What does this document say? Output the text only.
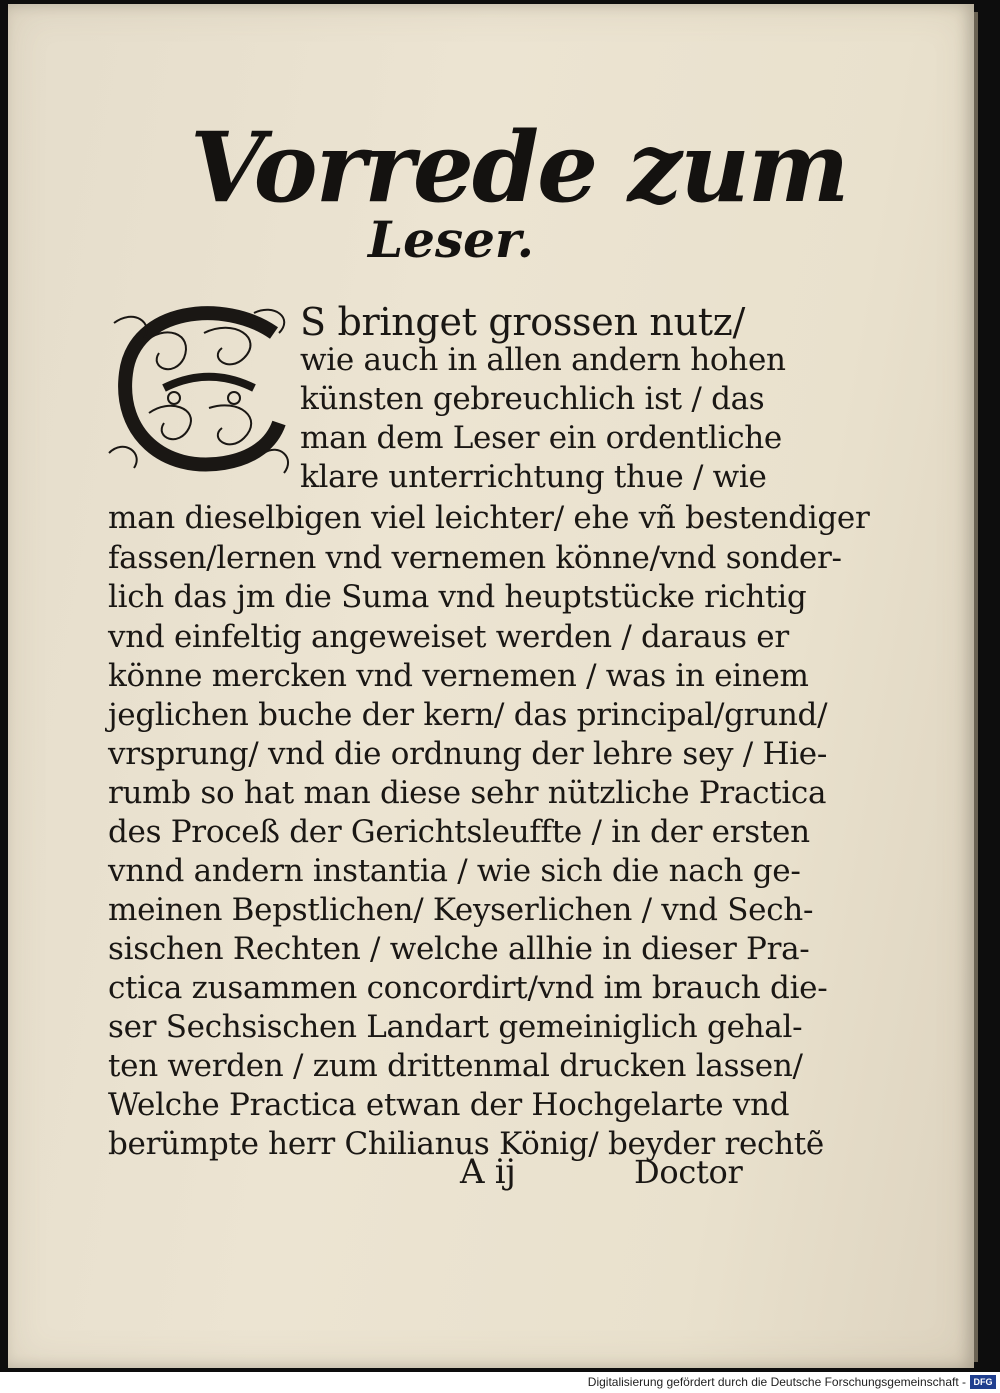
Vorrede zum
Leser.
S bringet grossen nutz/
wie auch in allen andern hohen
künsten gebreuchlich ist / das
man dem Leser ein ordentliche
klare unterrichtung thue / wie
man dieselbigen viel leichter/ ehe vñ bestendiger
fassen/lernen vnd vernemen könne/vnd sonder-
lich das jm die Suma vnd heuptstücke richtig
vnd einfeltig angeweiset werden / daraus er
könne mercken vnd vernemen / was in einem
jeglichen buche der kern/ das principal/grund/
vrsprung/ vnd die ordnung der lehre sey / Hie-
rumb so hat man diese sehr nützliche Practica
des Proceß der Gerichtsleuffte / in der ersten
vnnd andern instantia / wie sich die nach ge-
meinen Bepstlichen/ Keyserlichen / vnd Sech-
sischen Rechten / welche allhie in dieser Pra-
ctica zusammen concordirt/vnd im brauch die-
ser Sechsischen Landart gemeiniglich gehal-
ten werden / zum drittenmal drucken lassen/
Welche Practica etwan der Hochgelarte vnd
berümpte herr Chilianus König/ beyder rechtẽ
A ij	Doctor
Digitalisierung gefördert durch die Deutsche Forschungsgemeinschaft - DFG
